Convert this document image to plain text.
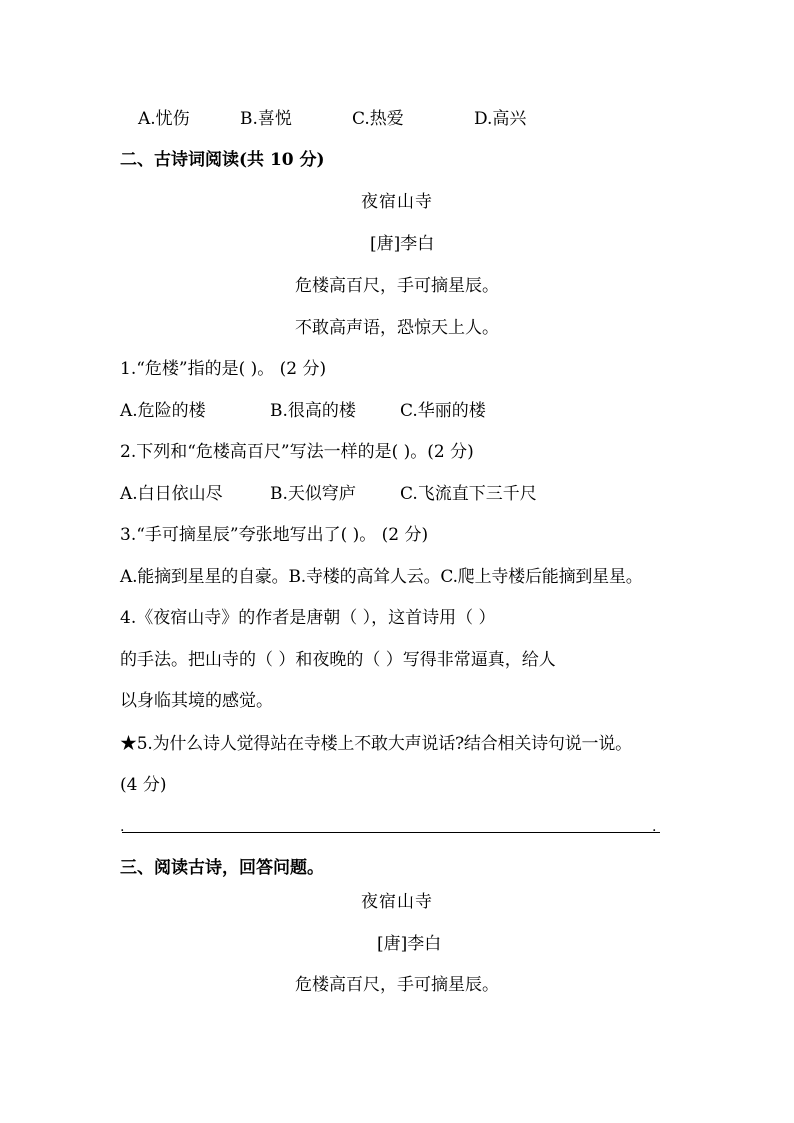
A.忧伤	B.喜悦	C.热爱	D.高兴
二、古诗词阅读(共 10 分)
夜宿山寺
[唐]李白
危楼高百尺，手可摘星辰。
不敢高声语，恐惊天上人。
1.“危楼”指的是( )。 (2 分)
A.危险的楼	B.很高的楼	C.华丽的楼
2.下列和“危楼高百尺”写法一样的是( )。(2 分)
A.白日依山尽	B.天似穹庐	C.飞流直下三千尺
3.“手可摘星辰”夸张地写出了( )。 (2 分)
A.能摘到星星的自豪。B.寺楼的高耸人云。C.爬上寺楼后能摘到星星。
4.《夜宿山寺》的作者是唐朝（ ），这首诗用（ ）
的手法。把山寺的（ ）和夜晚的（ ）写得非常逼真，给人
以身临其境的感觉。
★5.为什么诗人觉得站在寺楼上不敢大声说话?结合相关诗句说一说。
(4 分)
.	.
三、阅读古诗，回答问题。
夜宿山寺
[唐]李白
危楼高百尺，手可摘星辰。
